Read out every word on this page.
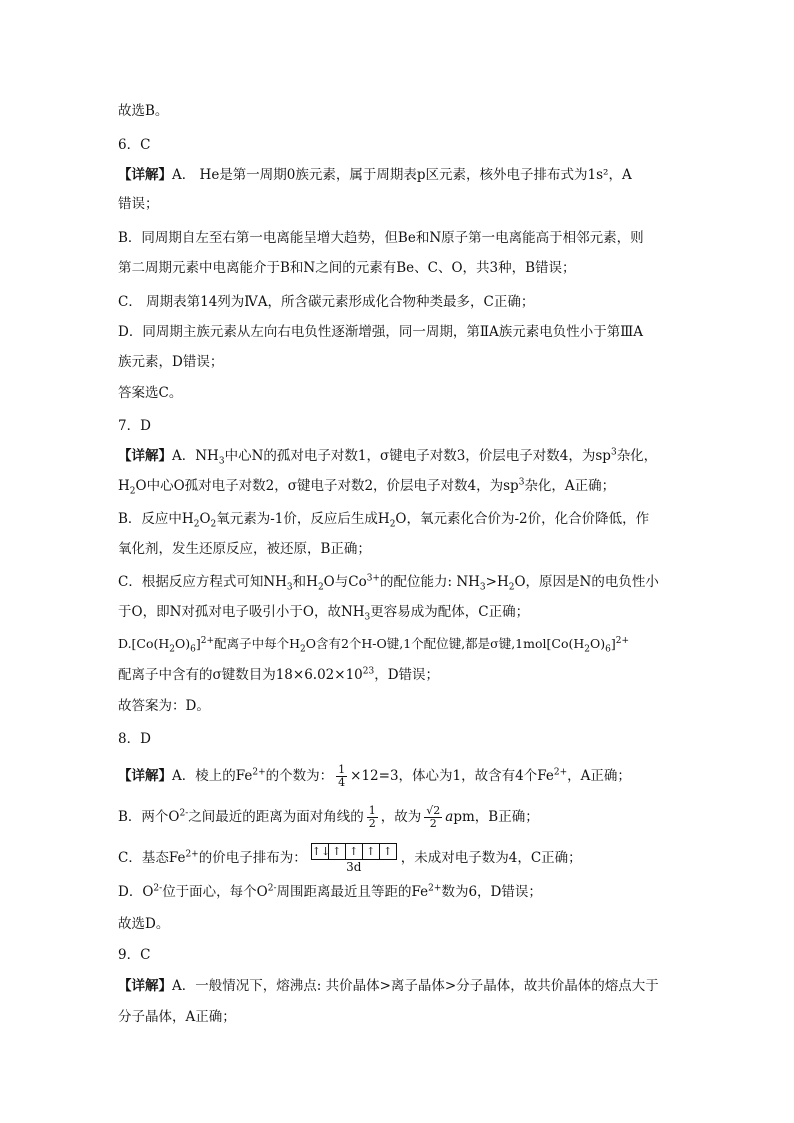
故选B。
6．C
【详解】A． He是第一周期0族元素，属于周期表p区元素，核外电子排布式为1s²，A
错误；
B．同周期自左至右第一电离能呈增大趋势，但Be和N原子第一电离能高于相邻元素，则
第二周期元素中电离能介于B和N之间的元素有Be、C、O，共3种，B错误；
C． 周期表第14列为ⅣA，所含碳元素形成化合物种类最多，C正确；
D．同周期主族元素从左向右电负性逐渐增强，同一周期，第ⅡA族元素电负性小于第ⅢA
族元素，D错误；
答案选C。
7．D
【详解】A．$NH_3$中心N的孤对电子对数1，σ键电子对数3，价层电子对数4，为$sp^3$杂化，
$H_2O$中心O孤对电子对数2，σ键电子对数2，价层电子对数4，为$sp^3$杂化，A正确；
B．反应中$H_2O_2$氧元素为-1价，反应后生成$H_2O$，氧元素化合价为-2价，化合价降低，作
氧化剂，发生还原反应，被还原，B正确；
C．根据反应方程式可知$NH_3$和$H_2O$与$Co^{3+}$的配位能力: $NH_3>H_2O$，原因是N的电负性小
于O，即N对孤对电子吸引小于O，故$NH_3$更容易成为配体，C正确；
$D.[Co(H_2O)_6]^{2+}$配离子中每个$H_2O$含有2个H-O键,1个配位键,都是σ键$,1mol[Co(H_2O)_6]^{2+}$
配离子中含有的σ键数目为$18\times 6.02\times 10^{23}$，D错误；
故答案为：D。
8．D
【详解】A．棱上的$Fe^{2+}$的个数为： $\frac{1}{4} \times 12=3$，体心为1，故含有4个$Fe^{2+}$，A正确；
B．两个$O^{2-}$之间最近的距离为面对角线的 $\frac{1}{2}$ ，故为 $\frac{√2}{2}$ apm，B正确；
C．基态$Fe^{2+}$的价电子排布为： ↑↓ ↑ ↑ ↑ ↑
3d
，未成对电子数为4，C正确；
D．$O^{2-}$位于面心，每个$O^{2-}$周围距离最近且等距的$Fe^{2+}$数为6，D错误；
故选D。
9．C
【详解】A．一般情况下，熔沸点: 共价晶体>离子晶体>分子晶体，故共价晶体的熔点大于
分子晶体，A正确；
